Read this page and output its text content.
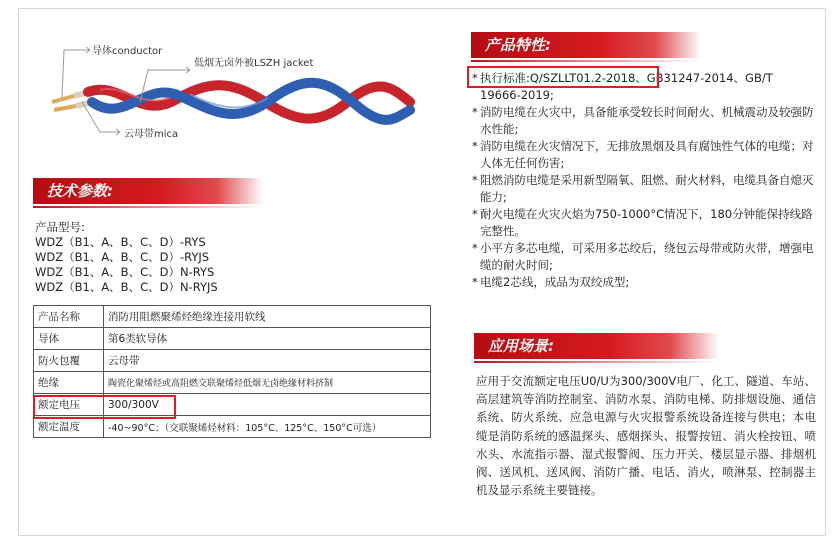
导体conductor
低烟无卤外被LSZH jacket
云母带mica
技术参数:
产品型号:
WDZ（B1、A、B、C、D）-RYS
WDZ（B1、A、B、C、D）-RYJS
WDZ（B1、A、B、C、D）N-RYS
WDZ（B1、A、B、C、D）N-RYJS
产品名称	消防用阻燃聚烯烃绝缘连接用软线
导体	第6类软导体
防火包覆	云母带
绝缘	陶瓷化聚烯烃或高阻燃交联聚烯烃低烟无卤绝缘材料挤制
额定电压	300/300V
额定温度	-40~90°C；（交联聚烯烃材料：105°C、125°C、150°C可选）
产品特性:
* 执行标准:Q/SZLLT01.2-2018、GB31247-2014、GB/T 19666-2019;
* 消防电缆在火灾中，具备能承受较长时间耐火、机械震动及较强防水性能;
* 消防电缆在火灾情况下，无排放黑烟及具有腐蚀性气体的电缆；对人体无任何伤害;
* 阻燃消防电缆是采用新型隔氧、阻燃、耐火材料，电缆具备自熄灭能力;
* 耐火电缆在火灾火焰为750-1000°C情况下，180分钟能保持线路完整性。
* 小平方多芯电缆，可采用多芯绞后，绕包云母带或防火带，增强电缆的耐火时间;
* 电缆2芯线，成品为双绞成型;
应用场景:
应用于交流额定电压U0/U为300/300V电厂、化工、隧道、车站、高层建筑等消防控制室、消防水泵、消防电梯、防排烟设施、通信系统、防火系统、应急电源与火灾报警系统设备连接与供电；本电缆是消防系统的感温探头、感烟探头、报警按钮、消火栓按钮、喷水头、水流指示器、湿式报警阀、压力开关、楼层显示器、排烟机阀、送风机、送风阀、消防广播、电话、消火，喷淋泵、控制器主机及显示系统主要链接。
